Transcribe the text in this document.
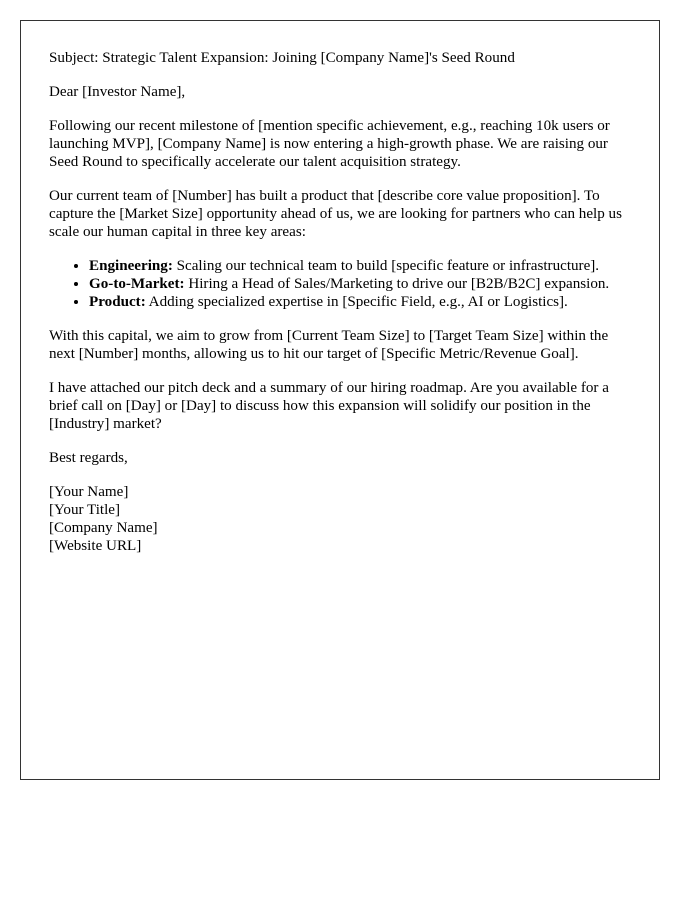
Subject: Strategic Talent Expansion: Joining [Company Name]'s Seed Round

Dear [Investor Name],

Following our recent milestone of [mention specific achievement, e.g., reaching 10k users or launching MVP], [Company Name] is now entering a high-growth phase. We are raising our Seed Round to specifically accelerate our talent acquisition strategy.

Our current team of [Number] has built a product that [describe core value proposition]. To capture the [Market Size] opportunity ahead of us, we are looking for partners who can help us scale our human capital in three key areas:

• Engineering: Scaling our technical team to build [specific feature or infrastructure].
• Go-to-Market: Hiring a Head of Sales/Marketing to drive our [B2B/B2C] expansion.
• Product: Adding specialized expertise in [Specific Field, e.g., AI or Logistics].

With this capital, we aim to grow from [Current Team Size] to [Target Team Size] within the next [Number] months, allowing us to hit our target of [Specific Metric/Revenue Goal].

I have attached our pitch deck and a summary of our hiring roadmap. Are you available for a brief call on [Day] or [Day] to discuss how this expansion will solidify our position in the [Industry] market?

Best regards,

[Your Name]
[Your Title]
[Company Name]
[Website URL]
